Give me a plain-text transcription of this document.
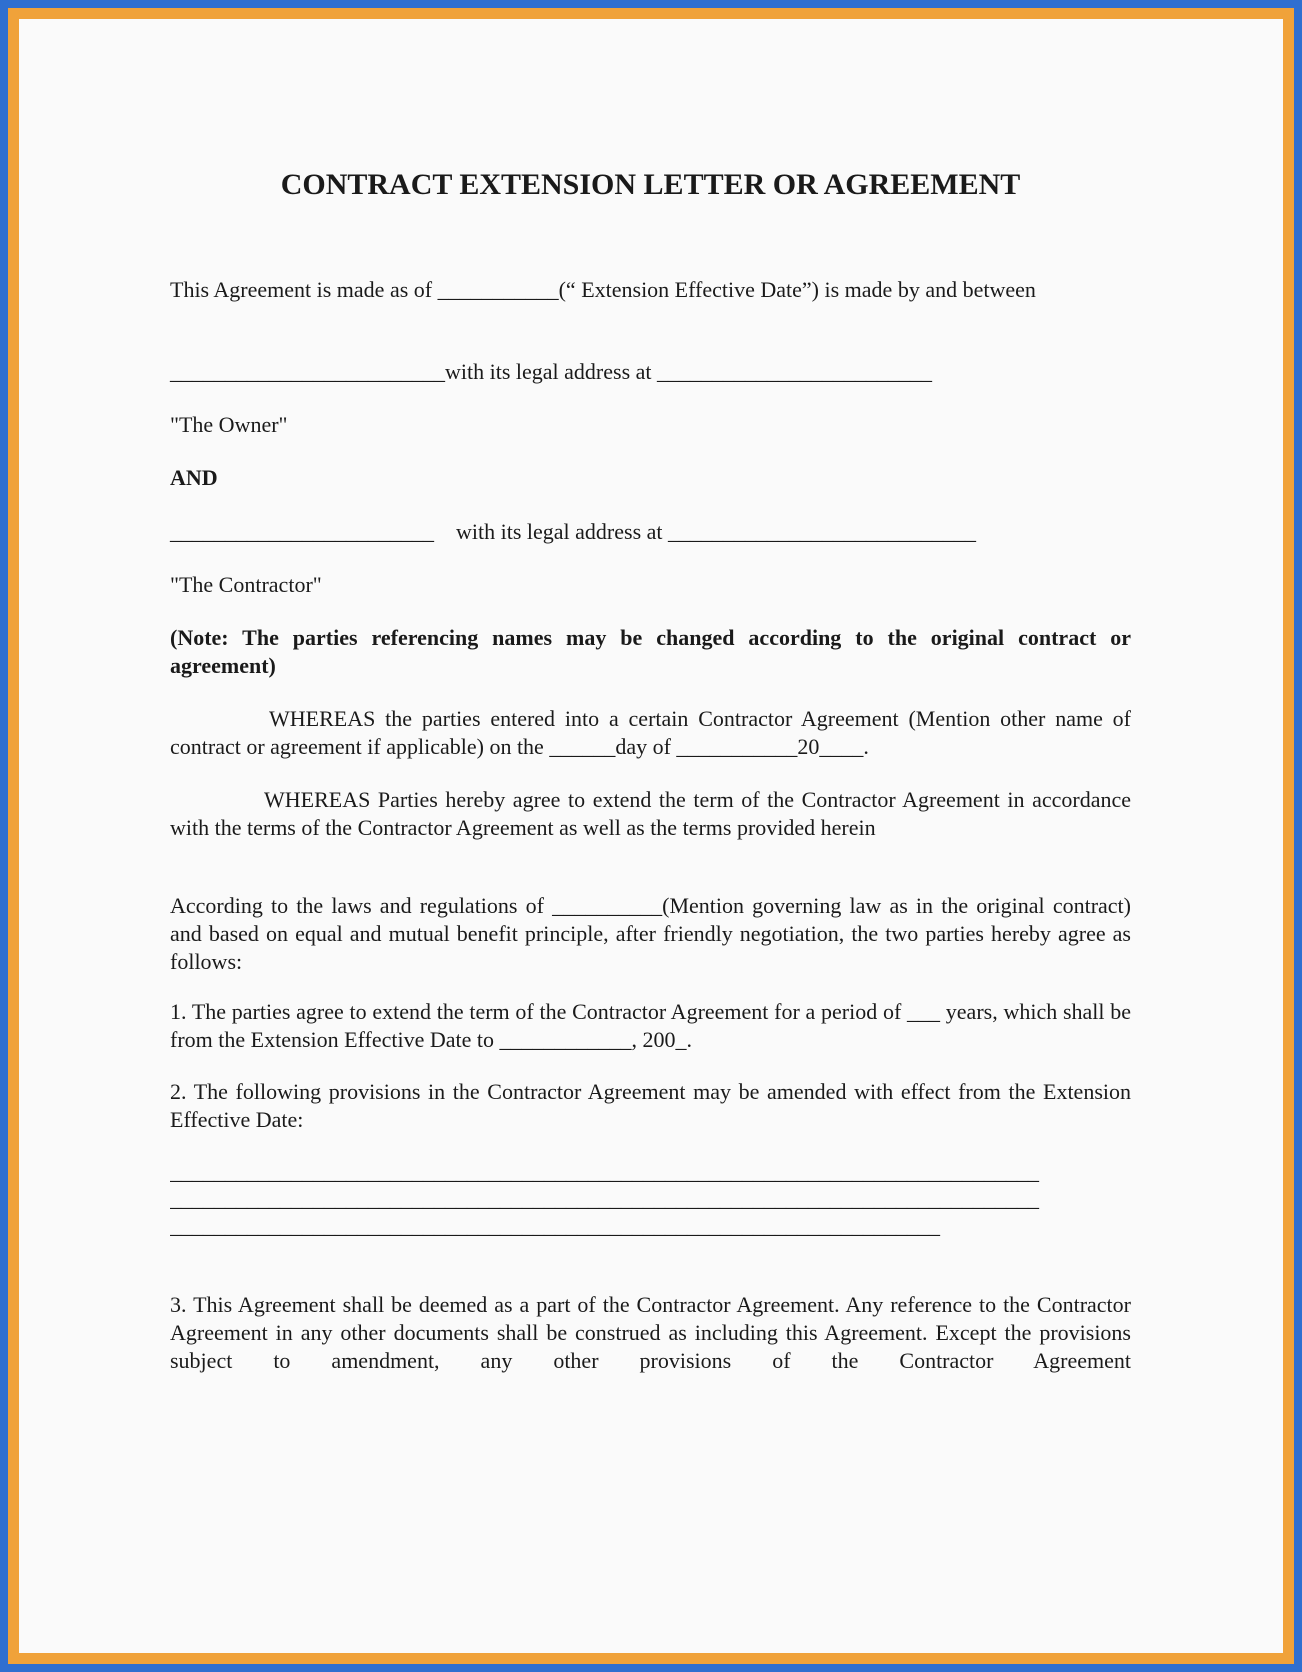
CONTRACT EXTENSION LETTER OR AGREEMENT
This Agreement is made as of ___________(“ Extension Effective Date”) is made by and between
_________________________with its legal address at _________________________
"The Owner"
AND
________________________    with its legal address at ____________________________
"The Contractor"
(Note: The parties referencing names may be changed according to the original contract or agreement)
WHEREAS the parties entered into a certain Contractor Agreement (Mention other name of contract or agreement if applicable) on the ______day of ___________20____.
WHEREAS Parties hereby agree to extend the term of the Contractor Agreement in accordance with the terms of the Contractor Agreement as well as the terms provided herein
According to the laws and regulations of __________(Mention governing law as in the original contract) and based on equal and mutual benefit principle, after friendly negotiation, the two parties hereby agree as follows:
1. The parties agree to extend the term of the Contractor Agreement for a period of ___ years, which shall be from the Extension Effective Date to ____________, 200_.
2. The following provisions in the Contractor Agreement may be amended with effect from the Extension Effective Date:
_______________________________________________________________________________
_______________________________________________________________________________
______________________________________________________________________
3. This Agreement shall be deemed as a part of the Contractor Agreement. Any reference to the Contractor Agreement in any other documents shall be construed as including this Agreement. Except the provisions subject to amendment, any other provisions of the Contractor Agreement
